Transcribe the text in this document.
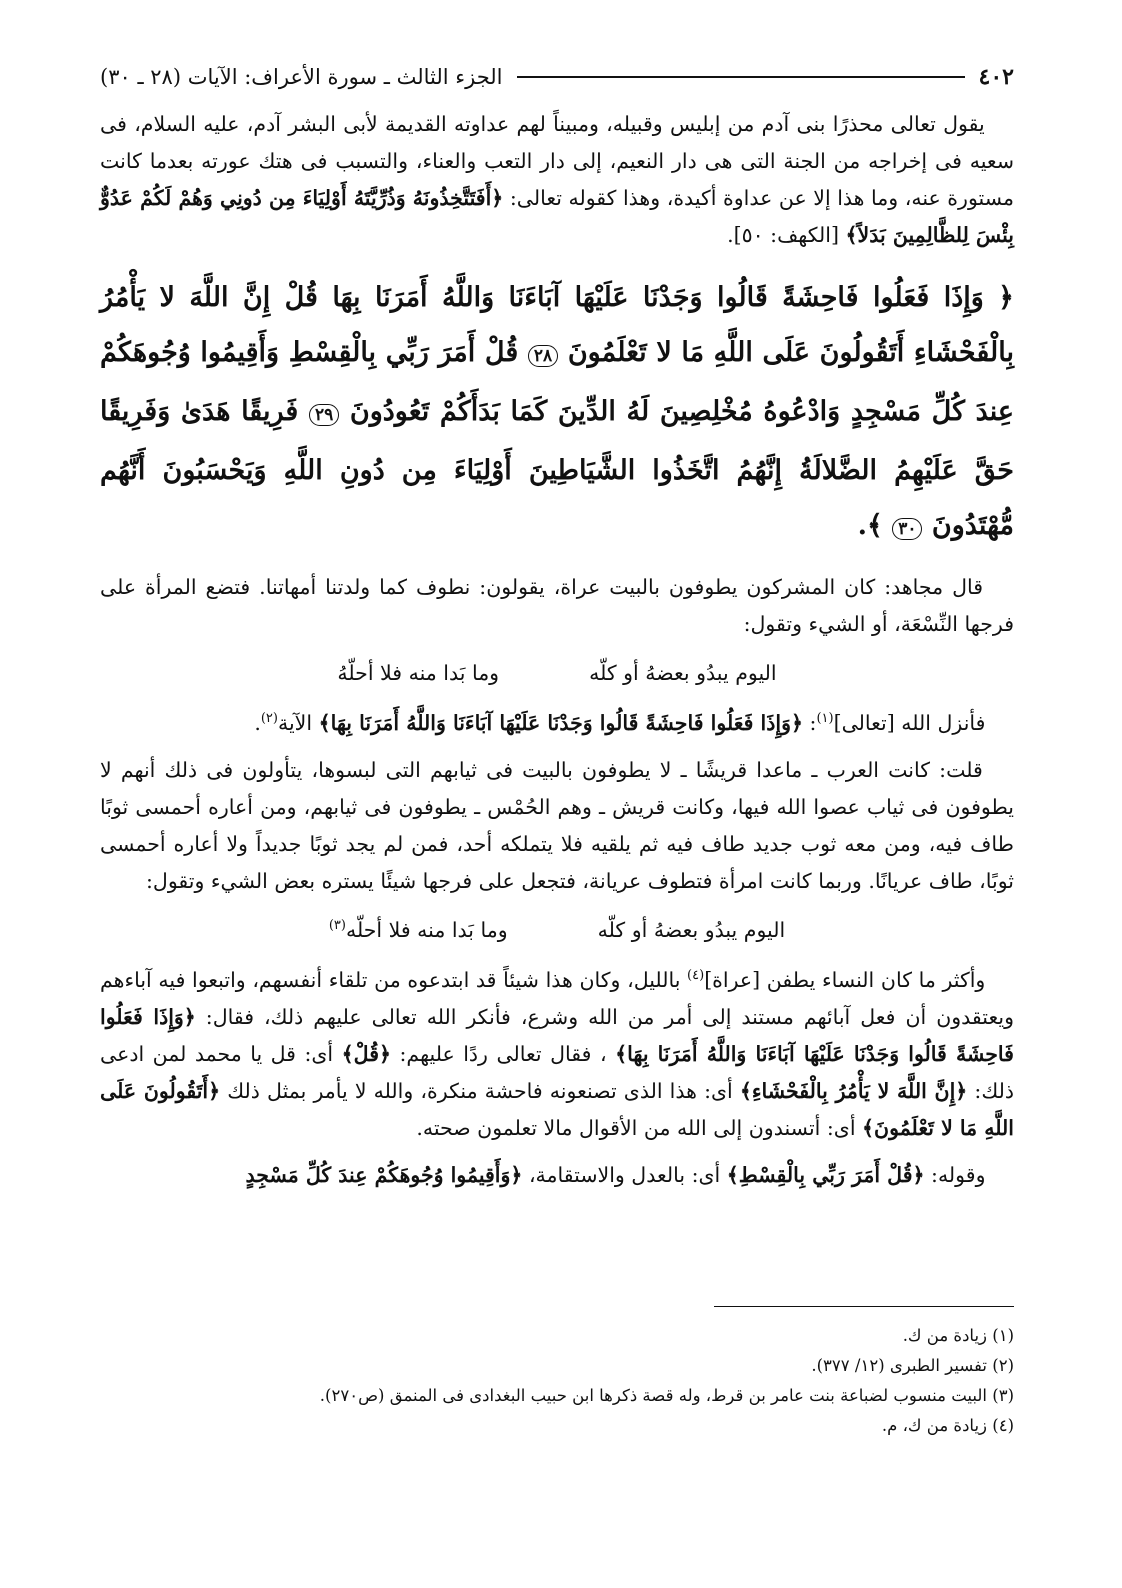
٤٠٢
الجزء الثالث ـ سورة الأعراف: الآيات (٢٨ ـ ٣٠)

يقول تعالى محذرًا بنى آدم من إبليس وقبيله، ومبيناً لهم عداوته القديمة لأبى البشر آدم، عليه السلام، فى سعيه فى إخراجه من الجنة التى هى دار النعيم، إلى دار التعب والعناء، والتسبب فى هتك عورته بعدما كانت مستورة عنه، وما هذا إلا عن عداوة أكيدة، وهذا كقوله تعالى: ﴿أَفَتَتَّخِذُونَهُ وَذُرِّيَّتَهُ أَوْلِيَاءَ مِن دُونِي وَهُمْ لَكُمْ عَدُوٌّ بِئْسَ لِلظَّالِمِينَ بَدَلاً﴾ [الكهف: ٥٠].

﴿ وَإِذَا فَعَلُوا فَاحِشَةً قَالُوا وَجَدْنَا عَلَيْهَا آبَاءَنَا وَاللَّهُ أَمَرَنَا بِهَا قُلْ إِنَّ اللَّهَ لا يَأْمُرُ بِالْفَحْشَاءِ أَتَقُولُونَ عَلَى اللَّهِ مَا لا تَعْلَمُونَ ٢٨ قُلْ أَمَرَ رَبِّي بِالْقِسْطِ وَأَقِيمُوا وُجُوهَكُمْ عِندَ كُلِّ مَسْجِدٍ وَادْعُوهُ مُخْلِصِينَ لَهُ الدِّينَ كَمَا بَدَأَكُمْ تَعُودُونَ ٢٩ فَرِيقًا هَدَىٰ وَفَرِيقًا حَقَّ عَلَيْهِمُ الضَّلالَةُ إِنَّهُمُ اتَّخَذُوا الشَّيَاطِينَ أَوْلِيَاءَ مِن دُونِ اللَّهِ وَيَحْسَبُونَ أَنَّهُم مُّهْتَدُونَ ٣٠ ﴾.

قال مجاهد: كان المشركون يطوفون بالبيت عراة، يقولون: نطوف كما ولدتنا أمهاتنا. فتضع المرأة على فرجها النِّسْعَة، أو الشيء وتقول:

اليوم يبدُو بعضهُ أو كلّه
وما بَدا منه فلا أحلّهُ

فأنزل الله [تعالى]$^{(١)}$: ﴿وَإِذَا فَعَلُوا فَاحِشَةً قَالُوا وَجَدْنَا عَلَيْهَا آبَاءَنَا وَاللَّهُ أَمَرَنَا بِهَا﴾ الآية$^{(٢)}$.

قلت: كانت العرب ـ ماعدا قريشًا ـ لا يطوفون بالبيت فى ثيابهم التى لبسوها، يتأولون فى ذلك أنهم لا يطوفون فى ثياب عصوا الله فيها، وكانت قريش ـ وهم الحُمْس ـ يطوفون فى ثيابهم، ومن أعاره أحمسى ثوبًا طاف فيه، ومن معه ثوب جديد طاف فيه ثم يلقيه فلا يتملكه أحد، فمن لم يجد ثوبًا جديداً ولا أعاره أحمسى ثوبًا، طاف عريانًا. وربما كانت امرأة فتطوف عريانة، فتجعل على فرجها شيئًا يستره بعض الشيء وتقول:

اليوم يبدُو بعضهُ أو كلّه
وما بَدا منه فلا أحلّه$^{(٣)}$

وأكثر ما كان النساء يطفن [عراة]$^{(٤)}$ بالليل، وكان هذا شيئاً قد ابتدعوه من تلقاء أنفسهم، واتبعوا فيه آباءهم ويعتقدون أن فعل آبائهم مستند إلى أمر من الله وشرع، فأنكر الله تعالى عليهم ذلك، فقال: ﴿وَإِذَا فَعَلُوا فَاحِشَةً قَالُوا وَجَدْنَا عَلَيْهَا آبَاءَنَا وَاللَّهُ أَمَرَنَا بِهَا﴾ ، فقال تعالى ردًا عليهم: ﴿قُلْ﴾ أى: قل يا محمد لمن ادعى ذلك: ﴿إِنَّ اللَّهَ لا يَأْمُرُ بِالْفَحْشَاءِ﴾ أى: هذا الذى تصنعونه فاحشة منكرة، والله لا يأمر بمثل ذلك ﴿أَتَقُولُونَ عَلَى اللَّهِ مَا لا تَعْلَمُونَ﴾ أى: أتسندون إلى الله من الأقوال مالا تعلمون صحته.

وقوله: ﴿قُلْ أَمَرَ رَبِّي بِالْقِسْطِ﴾ أى: بالعدل والاستقامة، ﴿وَأَقِيمُوا وُجُوهَكُمْ عِندَ كُلِّ مَسْجِدٍ

(١) زيادة من ك.
(٢) تفسير الطبرى (١٢/ ٣٧٧).
(٣) البيت منسوب لضباعة بنت عامر بن قرط، وله قصة ذكرها ابن حبيب البغدادى فى المنمق (ص٢٧٠).
(٤) زيادة من ك، م.
